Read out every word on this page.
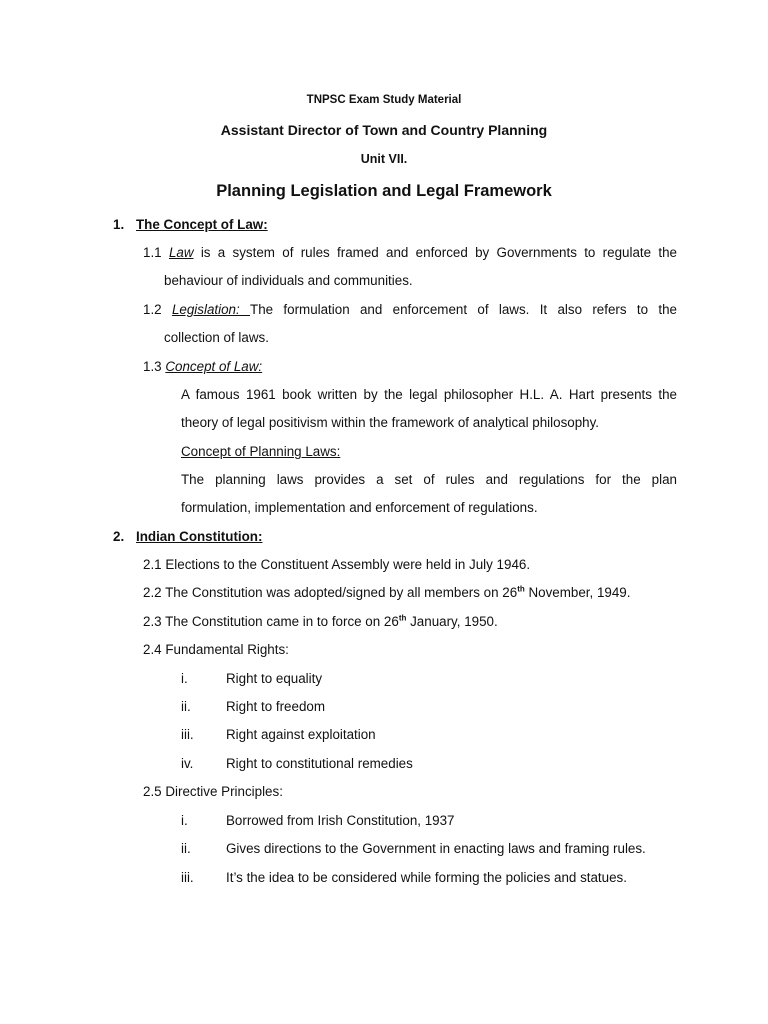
TNPSC Exam Study Material
Assistant Director of Town and Country Planning
Unit VII.
Planning Legislation and Legal Framework
1. The Concept of Law:
1.1 Law is a system of rules framed and enforced by Governments to regulate the
behaviour of individuals and communities.
1.2 Legislation: The formulation and enforcement of laws. It also refers to the
collection of laws.
1.3 Concept of Law:
A famous 1961 book written by the legal philosopher H.L. A. Hart presents the
theory of legal positivism within the framework of analytical philosophy.
Concept of Planning Laws:
The planning laws provides a set of rules and regulations for the plan
formulation, implementation and enforcement of regulations.
2. Indian Constitution:
2.1 Elections to the Constituent Assembly were held in July 1946.
2.2 The Constitution was adopted/signed by all members on 26th November, 1949.
2.3 The Constitution came in to force on 26th January, 1950.
2.4 Fundamental Rights:
i.	Right to equality
ii.	Right to freedom
iii. Right against exploitation
iv. Right to constitutional remedies
2.5 Directive Principles:
i.	Borrowed from Irish Constitution, 1937
ii.	Gives directions to the Government in enacting laws and framing rules.
iii. It’s the idea to be considered while forming the policies and statues.
